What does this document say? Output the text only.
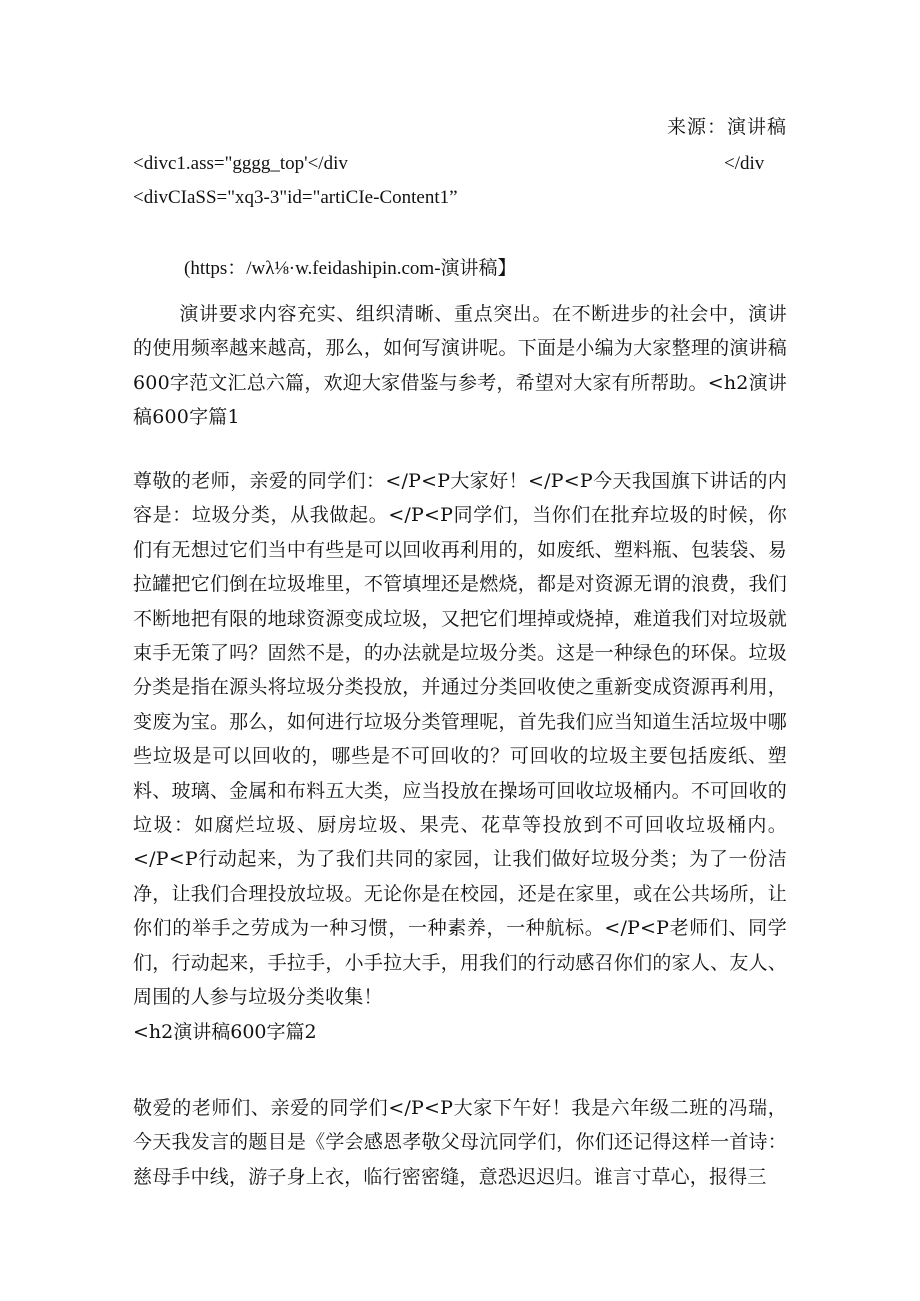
来源：演讲稿
<divc1.ass="gggg_top'</div	</div
<divCIaSS="xq3-3"id="artiCIe-Content1”
(https：/wλ⅛·w.feidashipin.com-演讲稿】
演讲要求内容充实、组织清晰、重点突出。在不断进步的社会中，演讲的使用频率越来越高，那么，如何写演讲呢。下面是小编为大家整理的演讲稿600字范文汇总六篇，欢迎大家借鉴与参考，希望对大家有所帮助。<h2演讲稿600字篇1
尊敬的老师，亲爱的同学们：</P<P大家好！</P<P今天我国旗下讲话的内容是：垃圾分类，从我做起。</P<P同学们，当你们在批弃垃圾的时候，你们有无想过它们当中有些是可以回收再利用的，如废纸、塑料瓶、包装袋、易拉罐把它们倒在垃圾堆里，不管填埋还是燃烧，都是对资源无谓的浪费，我们不断地把有限的地球资源变成垃圾，又把它们埋掉或烧掉，难道我们对垃圾就束手无策了吗？固然不是，的办法就是垃圾分类。这是一种绿色的环保。垃圾分类是指在源头将垃圾分类投放，并通过分类回收使之重新变成资源再利用，变废为宝。那么，如何进行垃圾分类管理呢，首先我们应当知道生活垃圾中哪些垃圾是可以回收的，哪些是不可回收的？可回收的垃圾主要包括废纸、塑料、玻璃、金属和布料五大类，应当投放在操场可回收垃圾桶内。不可回收的垃圾：如腐烂垃圾、厨房垃圾、果壳、花草等投放到不可回收垃圾桶内。</P<P行动起来，为了我们共同的家园，让我们做好垃圾分类；为了一份洁净，让我们合理投放垃圾。无论你是在校园，还是在家里，或在公共场所，让你们的举手之劳成为一种习惯，一种素养，一种航标。</P<P老师们、同学们，行动起来，手拉手，小手拉大手，用我们的行动感召你们的家人、友人、周围的人参与垃圾分类收集！
<h2演讲稿600字篇2
敬爱的老师们、亲爱的同学们</P<P大家下午好！我是六年级二班的冯瑞，今天我发言的题目是《学会感恩孝敬父母沆同学们，你们还记得这样一首诗：慈母手中线，游子身上衣，临行密密缝，意恐迟迟归。谁言寸草心，报得三
